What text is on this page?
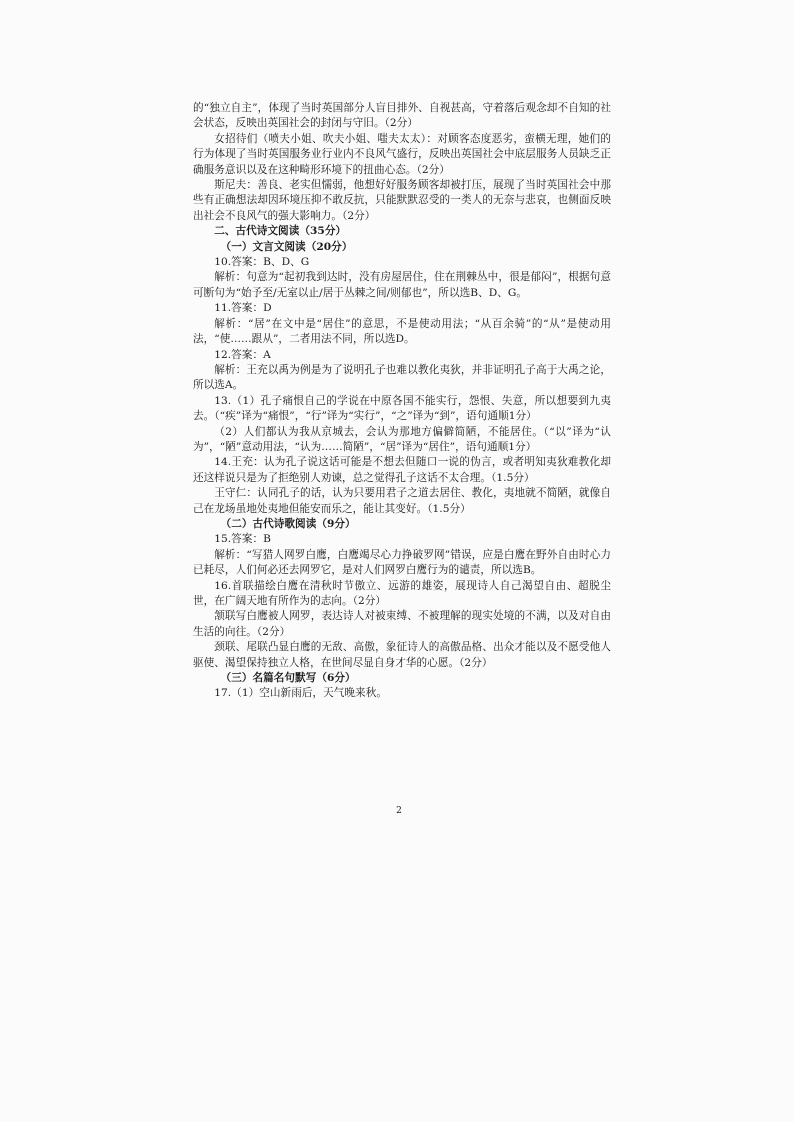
的“独立自主”，体现了当时英国部分人盲目排外、自视甚高，守着落后观念却不自知的社会状态，反映出英国社会的封闭与守旧。（2分）

女招待们（喷夫小姐、吹夫小姐、嗤夫太太）：对顾客态度恶劣，蛮横无理，她们的行为体现了当时英国服务业行业内不良风气盛行，反映出英国社会中底层服务人员缺乏正确服务意识以及在这种畸形环境下的扭曲心态。（2分）

斯尼夫：善良、老实但懦弱，他想好好服务顾客却被打压，展现了当时英国社会中那些有正确想法却因环境压抑不敢反抗，只能默默忍受的一类人的无奈与悲哀，也侧面反映出社会不良风气的强大影响力。（2分）

二、古代诗文阅读（35分）

（一）文言文阅读（20分）

10.答案：B、D、G

解析：句意为“起初我到达时，没有房屋居住，住在荆棘丛中，很是郁闷”，根据句意可断句为“始予至/无室以止/居于丛棘之间/则郁也”，所以选B、D、G。

11.答案：D

解析：“居”在文中是“居住”的意思，不是使动用法；“从百余骑”的“从”是使动用法，“使……跟从”，二者用法不同，所以选D。

12.答案：A

解析：王充以禹为例是为了说明孔子也难以教化夷狄，并非证明孔子高于大禹之论，所以选A。

13.（1）孔子痛恨自己的学说在中原各国不能实行，怨恨、失意，所以想要到九夷去。（“疾”译为“痛恨”，“行”译为“实行”，“之”译为“到”，语句通顺1分）

（2）人们都认为我从京城去，会认为那地方偏僻简陋，不能居住。（“以”译为“认为”，“陋”意动用法，“认为……简陋”，“居”译为“居住”，语句通顺1分）

14.王充：认为孔子说这话可能是不想去但随口一说的伪言，或者明知夷狄难教化却还这样说只是为了拒绝别人劝谏，总之觉得孔子这话不太合理。（1.5分）

王守仁：认同孔子的话，认为只要用君子之道去居住、教化，夷地就不简陋，就像自己在龙场虽地处夷地但能安而乐之，能让其变好。（1.5分）

（二）古代诗歌阅读（9分）

15.答案：B

解析：“写猎人网罗白鹰，白鹰竭尽心力挣破罗网”错误，应是白鹰在野外自由时心力已耗尽，人们何必还去网罗它，是对人们网罗白鹰行为的谴责，所以选B。

16.首联描绘白鹰在清秋时节傲立、远游的雄姿，展现诗人自己渴望自由、超脱尘世，在广阔天地有所作为的志向。（2分）

颔联写白鹰被人网罗，表达诗人对被束缚、不被理解的现实处境的不满，以及对自由生活的向往。（2分）

颈联、尾联凸显白鹰的无敌、高傲，象征诗人的高傲品格、出众才能以及不愿受他人驱使、渴望保持独立人格，在世间尽显自身才华的心愿。（2分）

（三）名篇名句默写（6分）

17.（1）空山新雨后，天气晚来秋。

2
